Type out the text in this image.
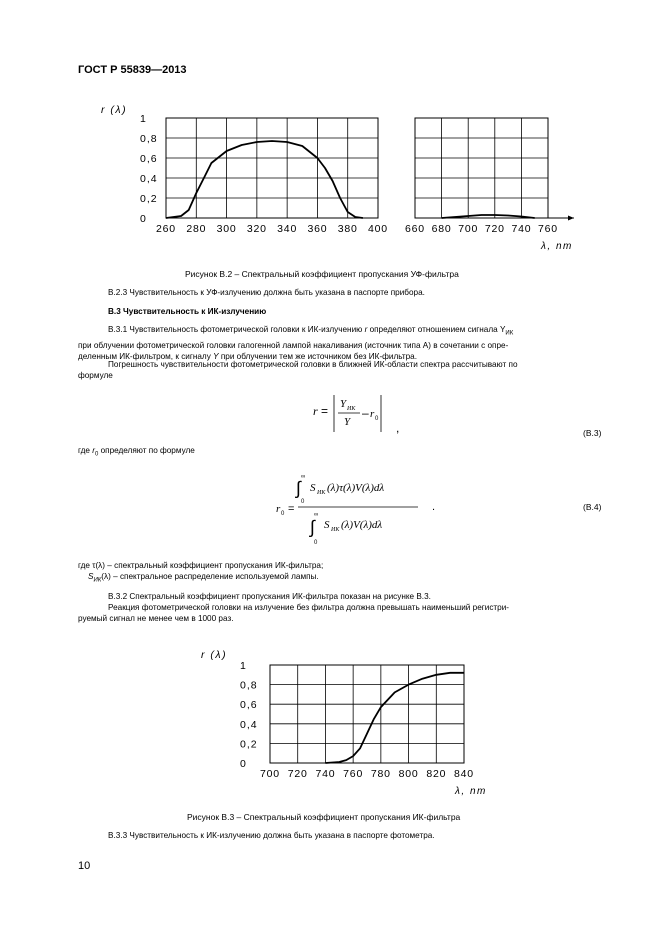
ГОСТ Р 55839—2013
1
0,8
0,6
0,4
0,2
0
260 280 300 320 340 360 380 400 660 680 700 720 740 760
r (λ)
λ, nm
Рисунок В.2 – Спектральный коэффициент пропускания УФ-фильтра
В.2.3 Чувствительность к УФ-излучению должна быть указана в паспорте прибора.
В.3 Чувствительность к ИК-излучению
В.3.1 Чувствительность фотометрической головки к ИК-излучению r определяют отношением сигнала $Y_{ИК}$
при облучении фотометрической головки галогенной лампой накаливания (источник типа А) в сочетании с опре-
деленным ИК-фильтром, к сигналу Y при облучении тем же источником без ИК-фильтра.
Погрешность чувствительности фотометрической головки в ближней ИК-области спектра рассчитывают по
формуле
r = Y ИК
Y
– r 0
,	(В.3)
где $r_0$ определяют по формуле
r 0 =
∞
∫
0
S ИК (λ)τ(λ)V(λ)dλ
∞
∫
0
S ИК (λ)V(λ)dλ
.	(В.4)
где τ(λ) – спектральный коэффициент пропускания ИК-фильтра;
$S_{ИК}(\lambda)$ – спектральное распределение используемой лампы.
В.3.2 Спектральный коэффициент пропускания ИК-фильтра показан на рисунке В.3.
Реакция фотометрической головки на излучение без фильтра должна превышать наименьший регистри-
руемый сигнал не менее чем в 1000 раз.
1
0,8
0,6
0,4
0,2
0
700 720 740 760 780 800 820 840
r (λ)
λ, nm
Рисунок В.3 – Спектральный коэффициент пропускания ИК-фильтра
В.3.3 Чувствительность к ИК-излучению должна быть указана в паспорте фотометра.
10
